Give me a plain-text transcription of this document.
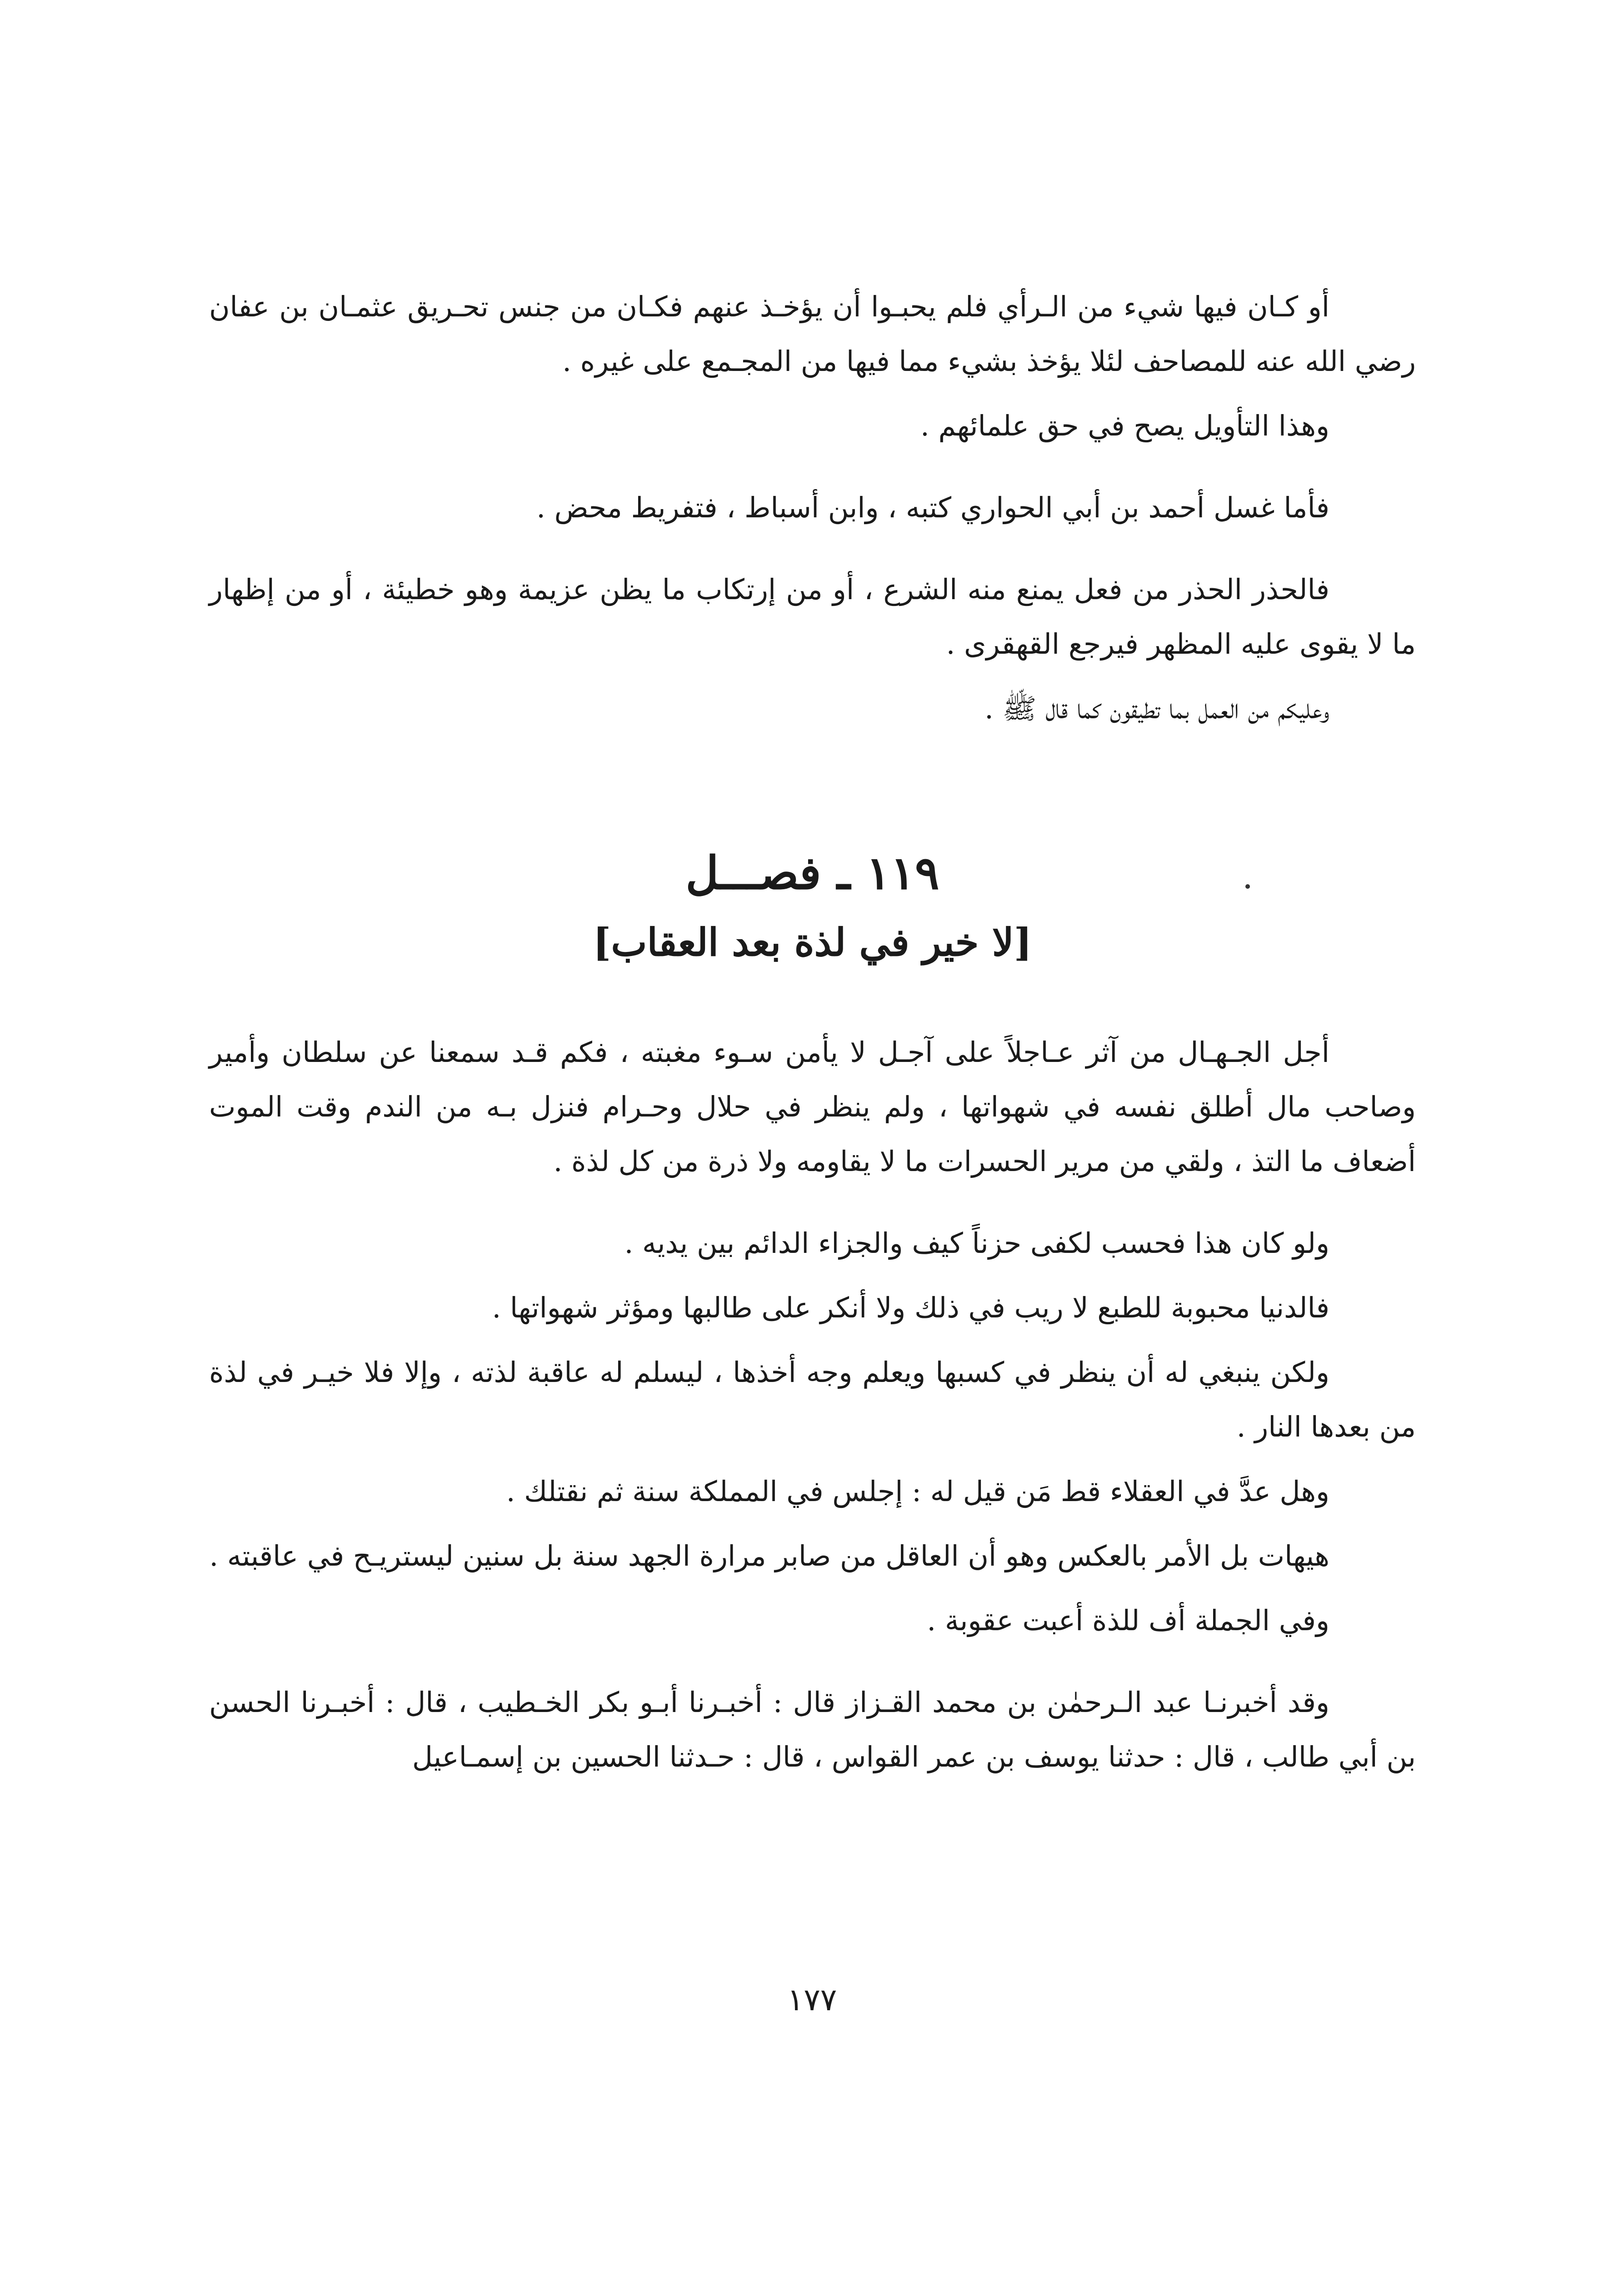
أو كـان فيها شيء من الـرأي فلم يحبـوا أن يؤخـذ عنهم فكـان من جنس تحـريق عثمـان بن عفان رضي الله عنه للمصاحف لئلا يؤخذ بشيء مما فيها من المجـمع على غيره .

وهذا التأويل يصح في حق علمائهم .

فأما غسل أحمد بن أبي الحواري كتبه ، وابن أسباط ، فتفريط محض .

فالحذر الحذر من فعل يمنع منه الشرع ، أو من إرتكاب ما يظن عزيمة وهو خطيئة ، أو من إظهار ما لا يقوى عليه المظهر فيرجع القهقرى .

وعليكم من العمل بما تطيقون كما قال ﷺ .

١١٩ ـ فصـــل

[لا خير في لذة بعد العقاب]

أجل الجـهـال من آثر عـاجلاً على آجـل لا يأمن سـوء مغبته ، فكم قـد سمعنا عن سلطان وأمير وصاحب مال أطلق نفسه في شهواتها ، ولم ينظر في حلال وحـرام فنزل بـه من الندم وقت الموت أضعاف ما التذ ، ولقي من مرير الحسرات ما لا يقاومه ولا ذرة من كل لذة .

ولو كان هذا فحسب لكفى حزناً كيف والجزاء الدائم بين يديه .

فالدنيا محبوبة للطبع لا ريب في ذلك ولا أنكر على طالبها ومؤثر شهواتها .

ولكن ينبغي له أن ينظر في كسبها ويعلم وجه أخذها ، ليسلم له عاقبة لذته ، وإلا فلا خيـر في لذة من بعدها النار .

وهل عدَّ في العقلاء قط مَن قيل له : إجلس في المملكة سنة ثم نقتلك .

هيهات بل الأمر بالعكس وهو أن العاقل من صابر مرارة الجهد سنة بل سنين ليستريـح في عاقبته .

وفي الجملة أف للذة أعبت عقوبة .

وقد أخبرنـا عبد الـرحمٰن بن محمد القـزاز قال : أخبـرنا أبـو بكر الخـطيب ، قال : أخبـرنا الحسن بن أبي طالب ، قال : حدثنا يوسف بن عمر القواس ، قال : حـدثنا الحسين بن إسمـاعيل

١٧٧
